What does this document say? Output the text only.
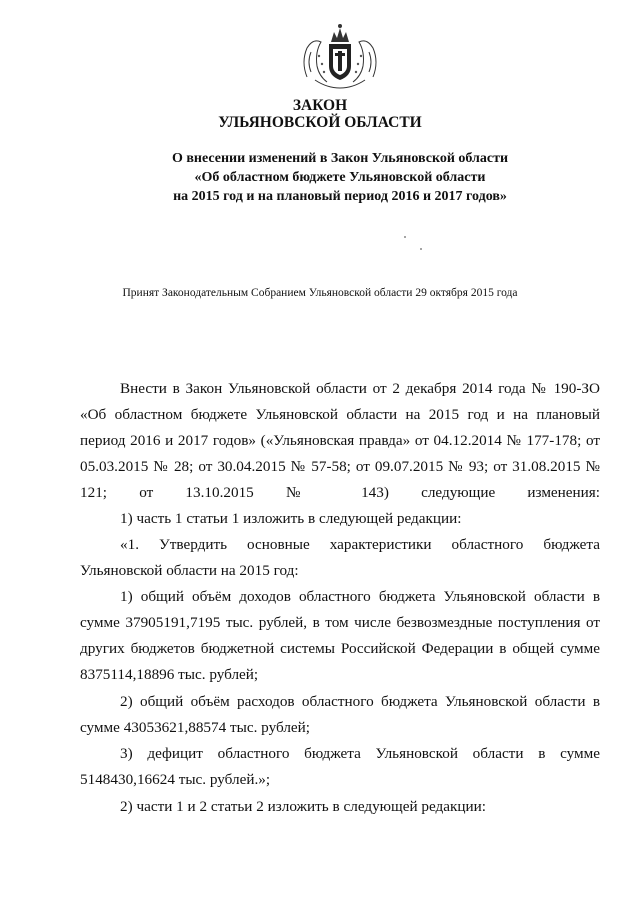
ЗАКОН
УЛЬЯНОВСКОЙ ОБЛАСТИ
О внесении изменений в Закон Ульяновской области
«Об областном бюджете Ульяновской области
на 2015 год и на плановый период 2016 и 2017 годов»
Принят Законодательным Собранием Ульяновской области 29 октября 2015 года
Внести в Закон Ульяновской области от 2 декабря 2014 года № 190-ЗО «Об областном бюджете Ульяновской области на 2015 год и на плановый период 2016 и 2017 годов» («Ульяновская правда» от 04.12.2014 № 177-178; от 05.03.2015 № 28; от 30.04.2015 № 57-58; от 09.07.2015 № 93; от 31.08.2015 № 121; от 13.10.2015 № 143) следующие изменения:
1) часть 1 статьи 1 изложить в следующей редакции:
«1. Утвердить основные характеристики областного бюджета Ульяновской области на 2015 год:
1) общий объём доходов областного бюджета Ульяновской области в сумме 37905191,7195 тыс. рублей, в том числе безвозмездные поступления от других бюджетов бюджетной системы Российской Федерации в общей сумме 8375114,18896 тыс. рублей;
2) общий объём расходов областного бюджета Ульяновской области в сумме 43053621,88574 тыс. рублей;
3) дефицит областного бюджета Ульяновской области в сумме 5148430,16624 тыс. рублей.»;
2) части 1 и 2 статьи 2 изложить в следующей редакции:
